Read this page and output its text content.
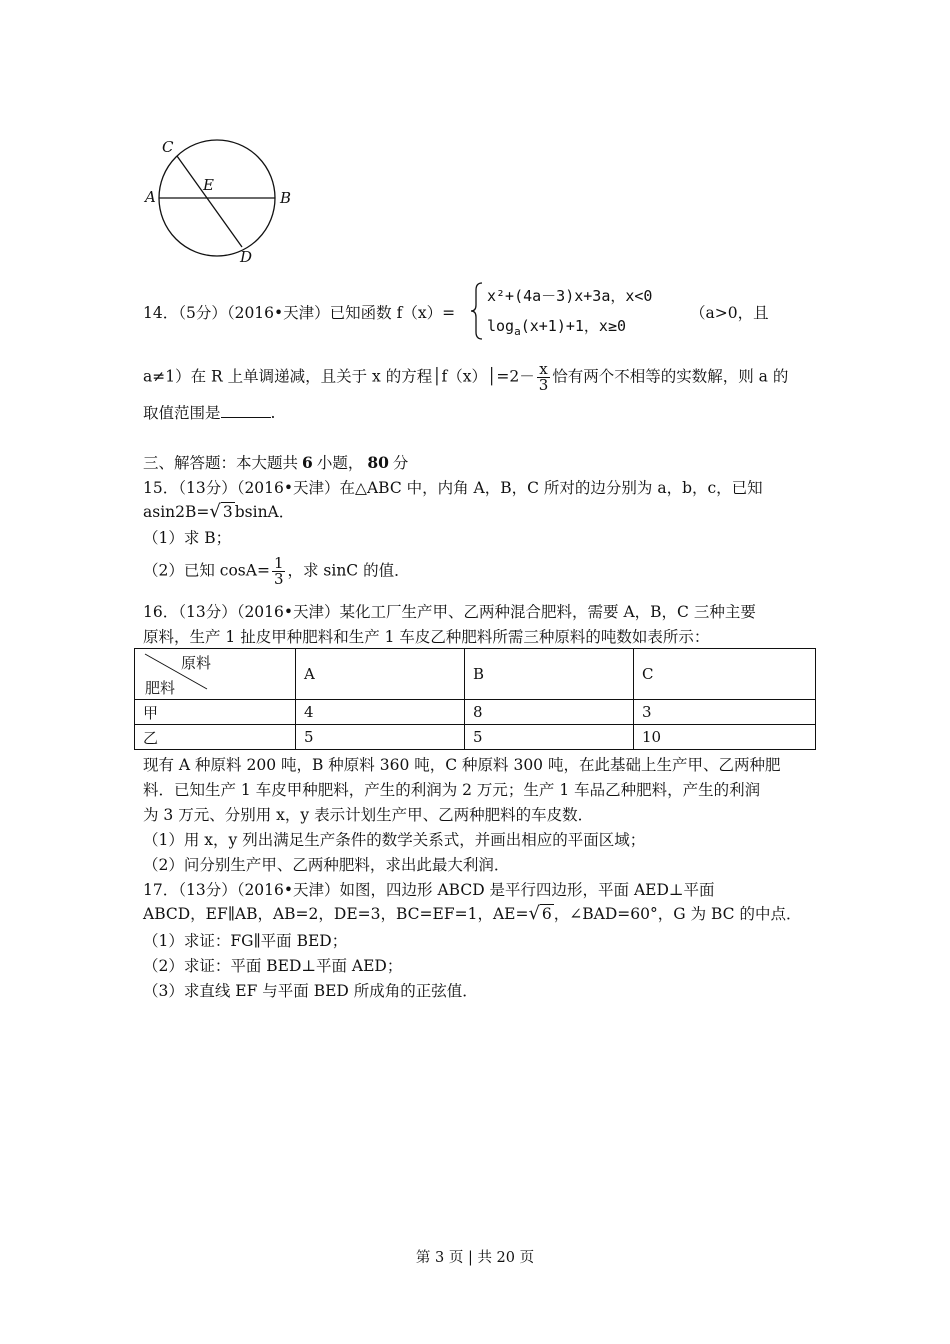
C
E
A	B
D
14．（5分）（2016•天津）已知函数 f（x）=
x²+(4a－3)x+3a，x<0
$\log_a(x+1)+1$，x≥0
（a>0，且
a≠1）在 R 上单调递减，且关于 x 的方程│f（x）│=2－ $\frac{x}{3}$ 恰有两个不相等的实数解，则 a 的
取值范围是	.
三、解答题：本大题共 6 小题， 80 分
15．（13分）（2016•天津）在△ABC 中，内角 A，B，C 所对的边分别为 a，b，c，已知
asin2B=√ 3 bsinA．
（1）求 B；
（2）已知 $\cos A= \frac{1}{3}$ ，求 sinC 的值．
16．（13分）（2016•天津）某化工厂生产甲、乙两种混合肥料，需要 A，B，C 三种主要
原料，生产 1 扯皮甲种肥料和生产 1 车皮乙种肥料所需三种原料的吨数如表所示：
原料
肥料	A	B	C
甲	4	8	3
乙	5	5	10
现有 A 种原料 200 吨，B 种原料 360 吨，C 种原料 300 吨，在此基础上生产甲、乙两种肥
料．已知生产 1 车皮甲种肥料，产生的利润为 2 万元；生产 1 车品乙种肥料，产生的利润
为 3 万元、分别用 x，y 表示计划生产甲、乙两种肥料的车皮数．
（1）用 x，y 列出满足生产条件的数学关系式，并画出相应的平面区域；
（2）问分别生产甲、乙两种肥料，求出此最大利润．
17．（13分）（2016•天津）如图，四边形 ABCD 是平行四边形，平面 AED⊥平面
ABCD，EF∥AB，AB=2，DE=3，BC=EF=1，AE=√ 6 ，∠BAD=60°，G 为 BC 的中点．
（1）求证：FG∥平面 BED；
（2）求证：平面 BED⊥平面 AED；
（3）求直线 EF 与平面 BED 所成角的正弦值．
第 3 页 | 共 20 页
